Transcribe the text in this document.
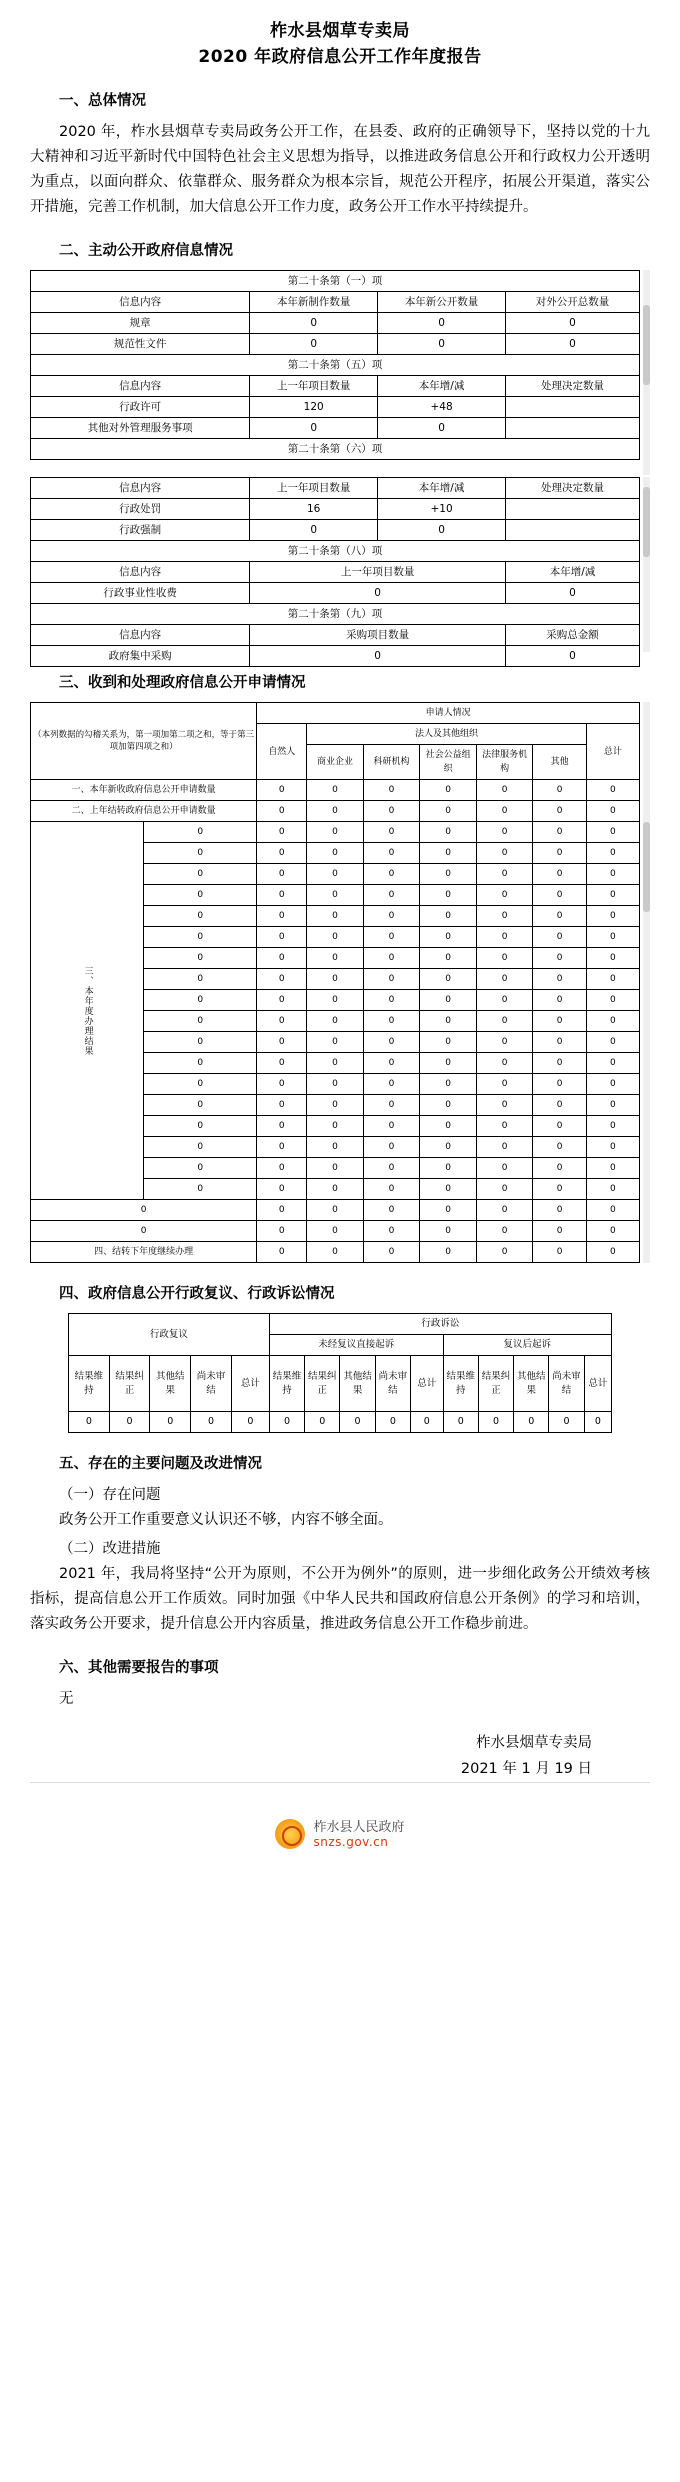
柞水县烟草专卖局
2020 年政府信息公开工作年度报告
一、总体情况

2020 年，柞水县烟草专卖局政务公开工作，在县委、政府的正确领导下，坚持以党的十九大精神和习近平新时代中国特色社会主义思想为指导，以推进政务信息公开和行政权力公开透明为重点，以面向群众、依靠群众、服务群众为根本宗旨，规范公开程序，拓展公开渠道，落实公开措施，完善工作机制，加大信息公开工作力度，政务公开工作水平持续提升。

二、主动公开政府信息情况
第二十条第（一）项			
信息内容	本年新制作数量	本年新公开数量	对外公开总数量
规章	0	0	0
规范性文件	0	0	0
第二十条第（五）项			
信息内容	上一年项目数量	本年增/减	处理决定数量
行政许可	120	+48	
其他对外管理服务事项	0	0	
第二十条第（六）项			
信息内容	上一年项目数量	本年增/减	处理决定数量
行政处罚	16	+10	
行政强制	0	0	
第二十条第（八）项			
信息内容	上一年项目数量		本年增/减
行政事业性收费	0		0
第二十条第（九）项			
信息内容	采购项目数量		采购总金额
政府集中采购	0		0
三、收到和处理政府信息公开申请情况
（本列数据的勾稽关系为，第一项加第二项之和，等于第三项加第四项之和）		申请人情况						
		自然人	法人及其他组织					总计
			商业企业	科研机构	社会公益组织	法律服务机构	其他	
一、本年新收政府信息公开申请数量		0	0	0	0	0	0	0
二、上年结转政府信息公开申请数量		0	0	0	0	0	0	0

三、本年度办理结果	0	0	0	0	0	0	0	0
	0	0	0	0	0	0	0	0
	0	0	0	0	0	0	0	0
	0	0	0	0	0	0	0	0
	0	0	0	0	0	0	0	0
	0	0	0	0	0	0	0	0
	0	0	0	0	0	0	0	0
	0	0	0	0	0	0	0	0
	0	0	0	0	0	0	0	0
	0	0	0	0	0	0	0	0
	0	0	0	0	0	0	0	0
	0	0	0	0	0	0	0	0
	0	0	0	0	0	0	0	0
	0	0	0	0	0	0	0	0
	0	0	0	0	0	0	0	0
	0	0	0	0	0	0	0	0
	0	0	0	0	0	0	0	0
	0	0	0	0	0	0	0	0
0		0	0	0	0	0	0	0
0		0	0	0	0	0	0	0
四、结转下年度继续办理		0	0	0	0	0	0	0
四、政府信息公开行政复议、行政诉讼情况
行政复议					行政诉讼									
					未经复议直接起诉					复议后起诉				
结果维持	结果纠正	其他结果	尚未审结	总计	结果维持	结果纠正	其他结果	尚未审结	总计	结果维持	结果纠正	其他结果	尚未审结	总计
0	0	0	0	0	0	0	0	0	0	0	0	0	0	0
五、存在的主要问题及改进情况

（一）存在问题

政务公开工作重要意义认识还不够，内容不够全面。

（二）改进措施

2021 年，我局将坚持“公开为原则，不公开为例外”的原则，进一步细化政务公开绩效考核指标，提高信息公开工作质效。同时加强《中华人民共和国政府信息公开条例》的学习和培训，落实政务公开要求，提升信息公开内容质量，推进政务信息公开工作稳步前进。

六、其他需要报告的事项

无

柞水县烟草专卖局
2021 年 1 月 19 日
柞水县人民政府
snzs.gov.cn
